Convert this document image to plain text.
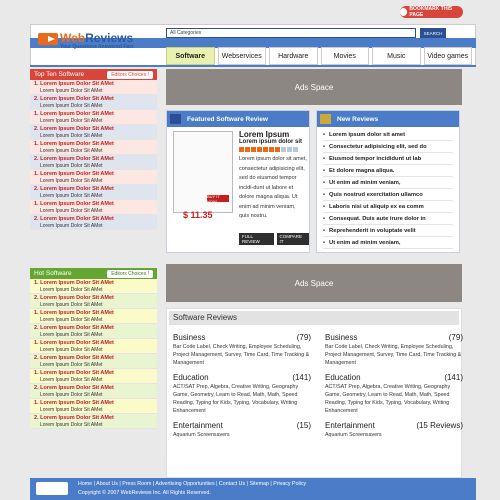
BOOKMARK THIS PAGE
WebReviews
Your Questions Answered Fast
All Categories	SEARCH
Software	Webservices	Hardware	Movies	Music	Video games
Top Ten Software	Editors Choices !
1. Lorem Ipsum Dolor Sit AMet
Lorem Ipsum Dolor Sit AMet
2. Lorem Ipsum Dolor Sit AMet
Lorem Ipsum Dolor Sit AMet
1. Lorem Ipsum Dolor Sit AMet
Lorem Ipsum Dolor Sit AMet
2. Lorem Ipsum Dolor Sit AMet
Lorem Ipsum Dolor Sit AMet
1. Lorem Ipsum Dolor Sit AMet
Lorem Ipsum Dolor Sit AMet
2. Lorem Ipsum Dolor Sit AMet
Lorem Ipsum Dolor Sit AMet
1. Lorem Ipsum Dolor Sit AMet
Lorem Ipsum Dolor Sit AMet
2. Lorem Ipsum Dolor Sit AMet
Lorem Ipsum Dolor Sit AMet
1. Lorem Ipsum Dolor Sit AMet
Lorem Ipsum Dolor Sit AMet
2. Lorem Ipsum Dolor Sit AMet
Lorem Ipsum Dolor Sit AMet
Hot Software	Editors Choices !
1. Lorem Ipsum Dolor Sit AMet
Lorem Ipsum Dolor Sit AMet
2. Lorem Ipsum Dolor Sit AMet
Lorem Ipsum Dolor Sit AMet
1. Lorem Ipsum Dolor Sit AMet
Lorem Ipsum Dolor Sit AMet
2. Lorem Ipsum Dolor Sit AMet
Lorem Ipsum Dolor Sit AMet
1. Lorem Ipsum Dolor Sit AMet
Lorem Ipsum Dolor Sit AMet
2. Lorem Ipsum Dolor Sit AMet
Lorem Ipsum Dolor Sit AMet
1. Lorem Ipsum Dolor Sit AMet
Lorem Ipsum Dolor Sit AMet
2. Lorem Ipsum Dolor Sit AMet
Lorem Ipsum Dolor Sit AMet
1. Lorem Ipsum Dolor Sit AMet
Lorem Ipsum Dolor Sit AMet
2. Lorem Ipsum Dolor Sit AMet
Lorem Ipsum Dolor Sit AMet
Ads Space
Featured Software Review
BUY IT NOW
$ 11.35
Lorem Ipsum
Lorem ipsum dolor sit
Lorem ipsum dolor sit amet, consectetur adipisicing elit, sed do eiusmod tempor incidi-dunt ut labore et dolore magna aliqua. Ut enim ad minim veniam, quis nostru.
FULL REVIEW
COMPARE IT
New Reviews
• Lorem ipsum dolor sit amet
• Consectetur adipisicing elit, sed do
• Eiusmod tempor incididunt ut lab
• Et dolore magna aliqua.
• Ut enim ad minim veniam,
• Quis nostrud exercitation ullamco
• Laboris nisi ut aliquip ex ea comm
• Consequat. Duis aute irure dolor in
• Reprehenderit in voluptate velit
• Ut enim ad minim veniam,
Ads Space
Software Reviews
Business	(79)
Bar Code Label, Check Writing, Employee Scheduling, Project Management, Survey, Time Card, Time Tracking & Management
Education	(141)
ACT/SAT Prep, Algebra, Creative Writing, Geography Game, Geometry, Learn to Read, Math, Math, Speed Reading, Typing for Kids, Typing, Vocabulary, Writing Enhancement
Entertainment	(15)
Aquarium Screensavers
Business	(79)
Bar Code Label, Check Writing, Employee Scheduling, Project Management, Survey, Time Card, Time Tracking & Management
Education	(141)
ACT/SAT Prep, Algebra, Creative Writing, Geography Game, Geometry, Learn to Read, Math, Math, Speed Reading, Typing for Kids, Typing, Vocabulary, Writing Enhancement
Entertainment	(15 Reviews)
Aquarium Screensavers
Home | About Us | Press Room | Advertising Opportunities | Contact Us | Sitemap | Privacy Policy
Copyright © 2007 WebReviews Inc. All Rights Reserved.
